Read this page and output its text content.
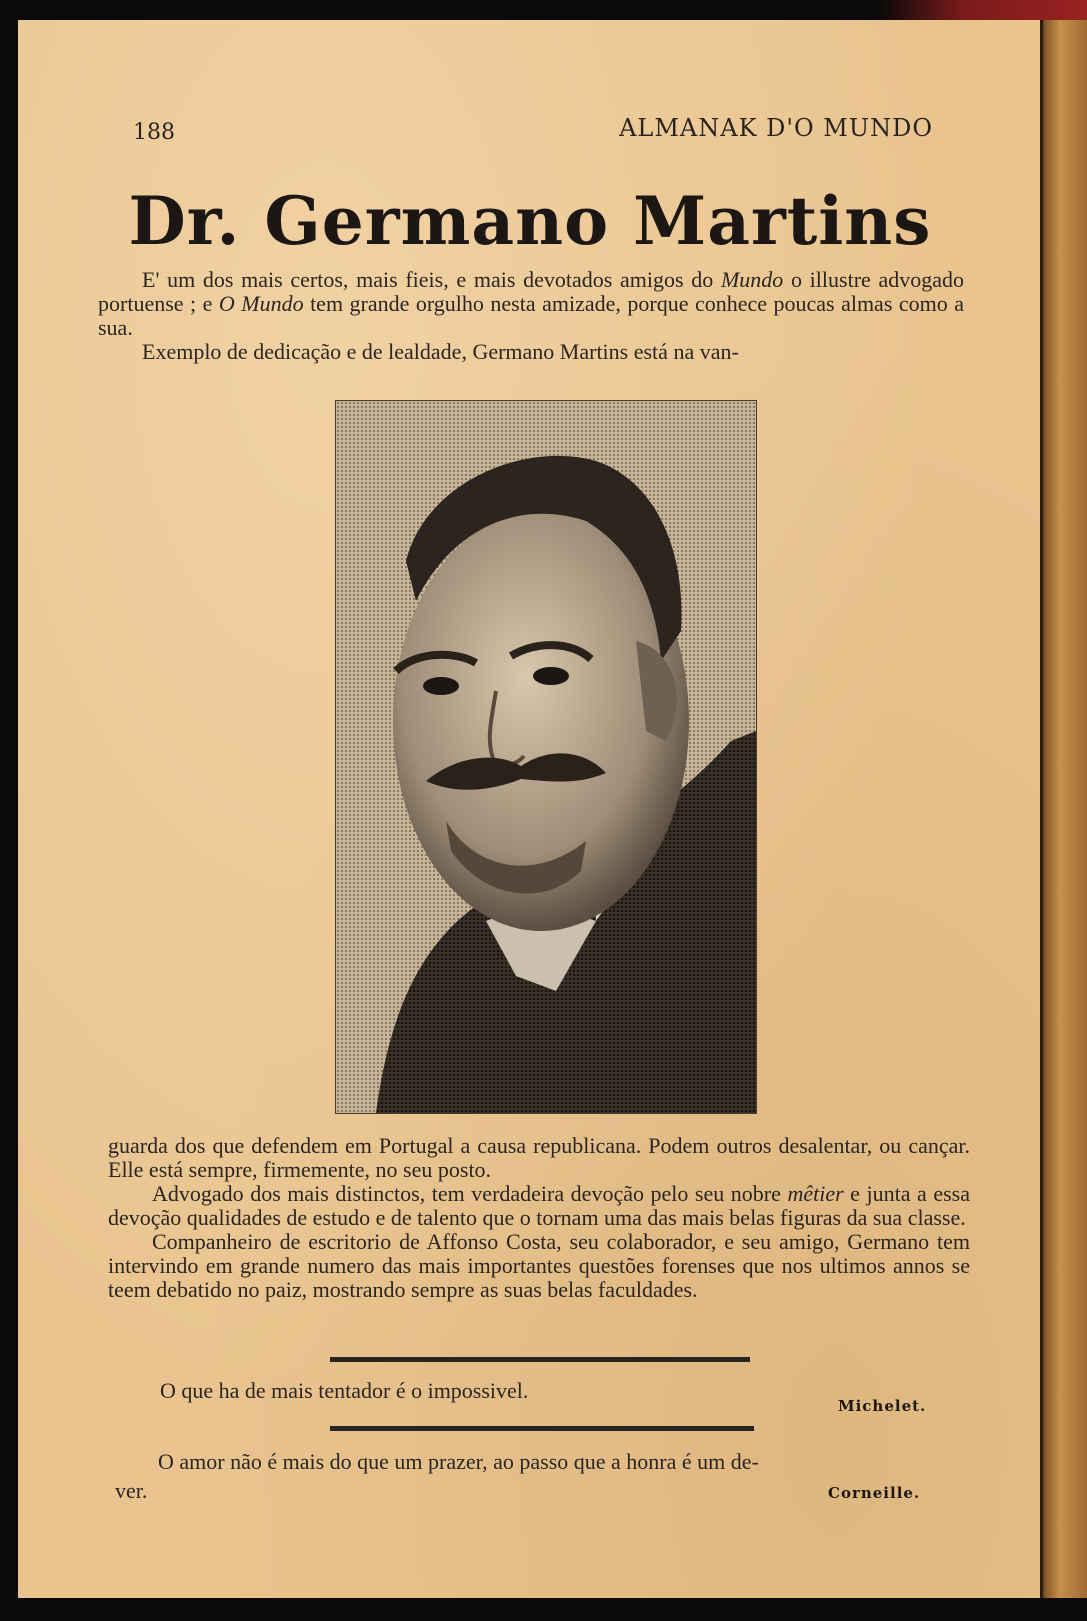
188	ALMANAK D'O MUNDO
Dr. Germano Martins

E' um dos mais certos, mais fieis, e mais devotados amigos do Mundo o illustre advogado portuense ; e O Mundo tem grande orgulho nesta amizade, porque conhece poucas almas como a sua.

Exemplo de dedicação e de lealdade, Germano Martins está na van-

guarda dos que defendem em Portugal a causa republicana. Podem outros desalentar, ou cançar. Elle está sempre, firmemente, no seu posto.

Advogado dos mais distinctos, tem verdadeira devoção pelo seu nobre mêtier e junta a essa devoção qualidades de estudo e de talento que o tornam uma das mais belas figuras da sua classe.

Companheiro de escritorio de Affonso Costa, seu colaborador, e seu amigo, Germano tem intervindo em grande numero das mais importantes questões forenses que nos ultimos annos se teem debatido no paiz, mostrando sempre as suas belas faculdades.

O que ha de mais tentador é o impossivel.
Michelet.
O amor não é mais do que um prazer, ao passo que a honra é um de-
ver.	Corneille.
